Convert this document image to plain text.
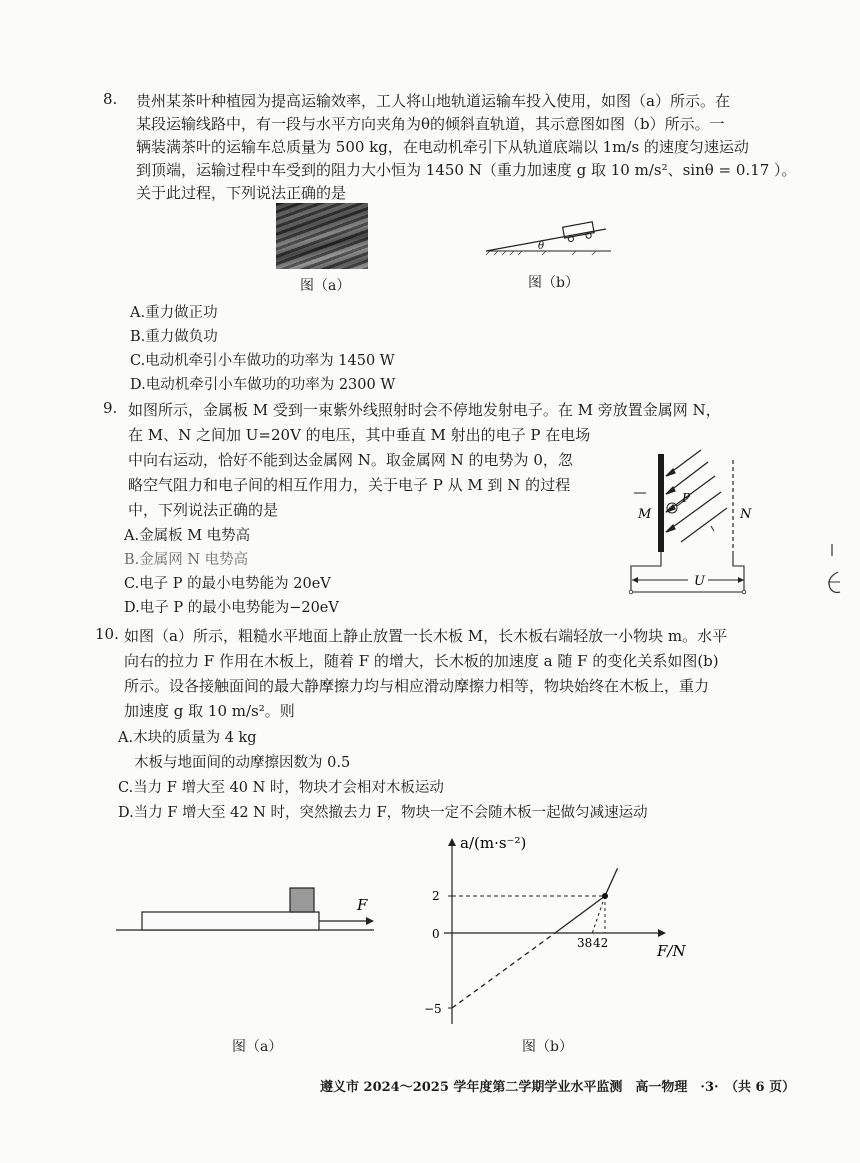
8. 贵州某茶叶种植园为提高运输效率，工人将山地轨道运输车投入使用，如图（a）所示。在
某段运输线路中，有一段与水平方向夹角为θ的倾斜直轨道，其示意图如图（b）所示。一
辆装满茶叶的运输车总质量为 500 kg，在电动机牵引下从轨道底端以 1m/s 的速度匀速运动
到顶端，运输过程中车受到的阻力大小恒为 1450 N（重力加速度 g 取 10 m/s²、sinθ = 0.17 ）。
关于此过程，下列说法正确的是
θ
图（a）	图（b）
A.重力做正功
B.重力做负功
C.电动机牵引小车做功的功率为 1450 W
D.电动机牵引小车做功的功率为 2300 W
9. 如图所示，金属板 M 受到一束紫外线照射时会不停地发射电子。在 M 旁放置金属网 N，
在 M、N 之间加 U=20V 的电压，其中垂直 M 射出的电子 P 在电场
中向右运动，恰好不能到达金属网 N。取金属网 N 的电势为 0，忽
略空气阻力和电子间的相互作用力，关于电子 P 从 M 到 N 的过程
中，下列说法正确的是
A.金属板 M 电势高
B.金属网 N 电势高
C.电子 P 的最小电势能为 20eV
D.电子 P 的最小电势能为−20eV
M
P
N
U
10. 如图（a）所示，粗糙水平地面上静止放置一长木板 M，长木板右端轻放一小物块 m。水平
向右的拉力 F 作用在木板上，随着 F 的增大，长木板的加速度 a 随 F 的变化关系如图(b)
所示。设各接触面间的最大静摩擦力均与相应滑动摩擦力相等，物块始终在木板上，重力
加速度 g 取 10 m/s²。则
A.木块的质量为 4 kg
木板与地面间的动摩擦因数为 0.5
C.当力 F 增大至 40 N 时，物块才会相对木板运动
D.当力 F 增大至 42 N 时，突然撤去力 F，物块一定不会随木板一起做匀减速运动
F
a/(m·s⁻²)
F/N
2
0
−5
38 42
图（a）	图（b）
遵义市 2024～2025 学年度第二学期学业水平监测　高一物理　·3·　（共 6 页）
